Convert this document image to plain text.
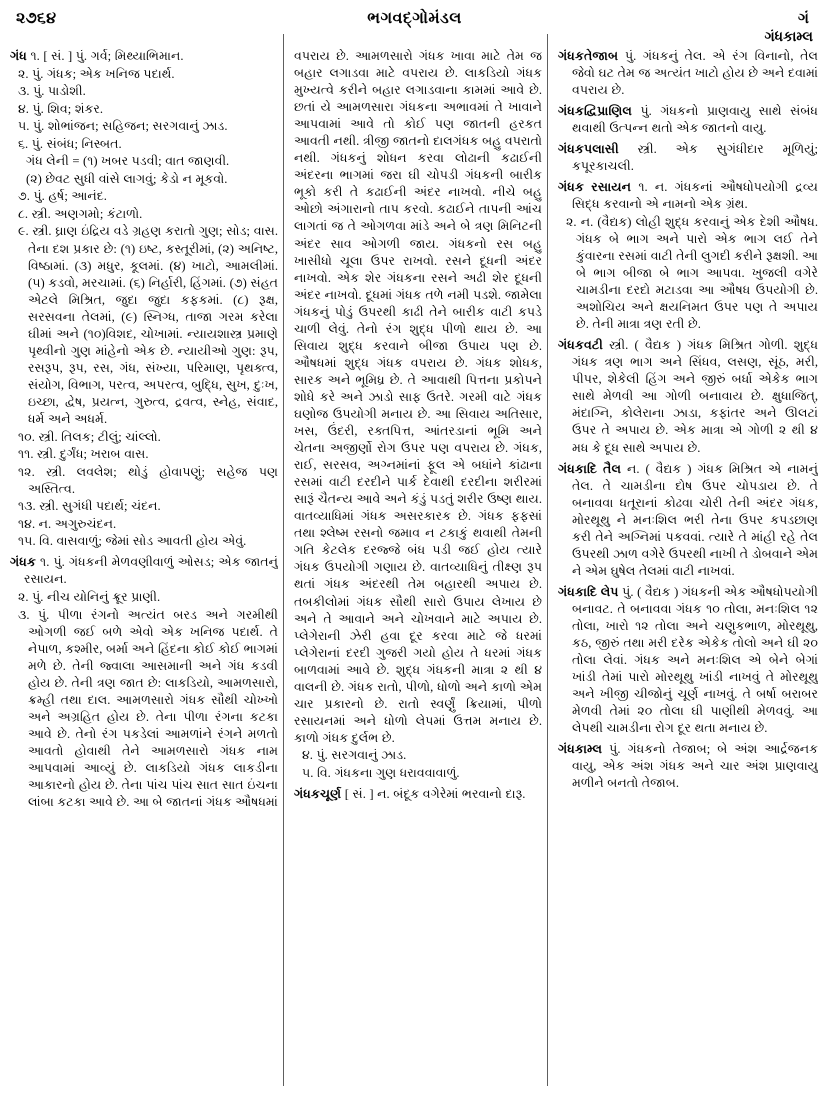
૨૭૬૪	ભગવદ્ગોમંડલ	ગં
ગંધકામ્લ

ગંધ ૧. [ સં. ] પું. ગર્વ; મિથ્યાભિમાન.

૨. પું. ગંધક; એક ખનિજ પદાર્થ.

૩. પું. પાડોશી.

૪. પું. શિવ; શંકર.

૫. પું. શોભાંજન; સહિજન; સરગવાનું ઝાડ.

૬. પું. સંબંધ; નિસ્બત.

ગંધ લેની = (૧) ખબર પડવી; વાત જાણવી.

(૨) છેવટ સુધી વાંસે લાગવું; કેડો ન મૂકવો.

૭. પું. હર્ષ; આનંદ.

૮. સ્ત્રી. અણગમો; કંટાળો.

૯. સ્ત્રી. ઘ્રાણ ઇંદ્રિય વડે ગ્રહણ કરાતો ગુણ; સોડ; વાસ. તેના દશ પ્રકાર છે: (૧) ઇષ્ટ, કસ્તૂરીમાં, (૨) અનિષ્ટ, વિષ્ઠામાં. (૩) મધુર, કૂલમાં. (૪) ખાટો, આમલીમાં. (૫) કડવો, મરચામાં. (૬) નિર્હારી, હિંગમાં. (૭) સંહત એટલે મિશ્રિત, જુદા જુદા કફકમાં. (૮) રૂક્ષ, સરસવના તેલમાં, (૯) સ્નિગ્ધ, તાજા ગરમ કરેલા ઘીમાં અને (૧૦)વિશદ, ચોખામાં. ન્યાયશાસ્ત્ર પ્રમાણે પૃથ્વીનો ગુણ માંહેનો એક છે. ન્યાયીઓ ગુણ: રૂપ, રસરૂપ, રૂપ, રસ, ગંધ, સંખ્યા, પરિમાણ, પૃથક્ત્વ, સંયોગ, વિભાગ, પરત્વ, અપરત્વ, બુદ્ધિ, સુખ, દુઃખ, ઇચ્છા, દ્વેષ, પ્રયત્ન, ગુરુત્વ, દ્રવત્વ, સ્નેહ, સંવાદ, ધર્મ અને અધર્મ.

૧૦. સ્ત્રી. તિલક; ટીલું; ચાંલ્લો.

૧૧. સ્ત્રી. દુર્ગંધ; ખરાબ વાસ.

૧૨. સ્ત્રી. લવલેશ; થોડું હોવાપણું; સહેજ પણ અસ્તિત્વ.

૧૩. સ્ત્રી. સુગંધી પદાર્થ; ચંદન.

૧૪. ન. અગુરુચંદન.

૧૫. વિ. વાસવાળું; જેમાં સોડ આવતી હોય એવું.

ગંધક ૧. પું. ગંધકની મેળવણીવાળું ઓસડ; એક જાતનું રસાયન.

૨. પું. નીચ યોનિનું ક્રૂર પ્રાણી.

૩. પું. પીળા રંગનો અત્યંત બરડ અને ગરમીથી ઓગળી જઈ બળે એવો એક ખનિજ પદાર્થ. તે નેપાળ, કશ્મીર, બર્મા અને હિંદના કોઈ કોઈ ભાગમાં મળે છે. તેની જ્વાલા આસમાની અને ગંધ કડવી હોય છે. તેની ત્રણ જાત છે: લાકડિયો, આમળસારો, ક્રમ્હી તથા દાલ. આમળસારો ગંધક સૌથી ચોખ્ખો અને અગ્રહિત હોય છે. તેના પીળા રંગના કટકા આવે છે. તેનો રંગ પકડેલાં આમળાંને રંગને મળતો આવતો હોવાથી તેને આમળસારો ગંધક નામ આપવામાં આવ્યું છે. લાકડિયો ગંધક લાકડીના આકારનો હોય છે. તેના પાંચ પાંચ સાત સાત ઇંચના લાંબા કટકા આવે છે. આ બે જાતનાં ગંધક ઔષધમાં

વપરાય છે. આમળસારો ગંધક ખાવા માટે તેમ જ બહાર લગાડવા માટે વપરાય છે. લાકડિયો ગંધક મુખ્યત્વે કરીને બહાર લગાડવાના કામમાં આવે છે. છતાં યે આમળસારા ગંધકના અભાવમાં તે ખાવાને આપવામાં આવે તો કોઈ પણ જાતની હરકત આવતી નથી. ત્રીજી જાતનો દાલગંધક બહુ વપરાતો નથી. ગંધકનું શોધન કરવા લોઢાની કઢાઈની અંદરના ભાગમાં જરા ઘી ચોપડી ગંધકની બારીક ભૂકો કરી તે કઢાઈની અંદર નાખવો. નીચે બહુ ઓછો અંગારાનો તાપ કરવો. કઢાઈને તાપની આંચ લાગતાં જ તે ઓગળવા માંડે અને બે ત્રણ મિનિટની અંદર સાવ ઓગળી જાય. ગંધકનો રસ બહુ ખાસીધો ચૂલા ઉપર રાખવો. રસને દૂધની અંદર નાખવો. એક શેર ગંધકના રસને અઢી શેર દૂધની અંદર નાખવો. દૂધમાં ગંધક તળે નમી પડશે. જામેલા ગંધકનું પોડું ઉપરથી કાઢી તેને બારીક વાટી કપડે ચાળી લેવું. તેનો રંગ શુદ્ધ પીળો થાય છે. આ સિવાય શુદ્ધ કરવાને બીજા ઉપાય પણ છે. ઔષધમાં શુદ્ધ ગંધક વપરાય છે. ગંધક શોધક, સારક અને ભૂમિધ્ર છે. તે આવાથી પિત્તના પ્રકોપને શોધે કરે અને ઝાડો સાફ ઉતરે. ગરમી વાટે ગંધક ઘણોજ ઉપયોગી મનાય છે. આ સિવાય અતિસાર, ખસ, ઉંદરી, રક્તપિત્ત, આંતરડાનાં ભૂમિ અને ચેતના અજીર્ણો રોગ ઉપર પણ વપરાય છે. ગંધક, રાઈ, સરસવ, અગ્નમાંનાં ફૂલ એ બધાંને કાંઢાના રસમાં વાટી દરદીને પાર્ક દેવાથી દરદીના શરીરમાં સારૂં ચૈતન્ય આવે અને કંડું પડતું શરીર ઉષ્ણ થાય. વાતવ્યાધિમાં ગંધક અસરકારક છે. ગંધક ફફસાં તથા શ્લેષ્મ રસનો જમાવ ન ટકાકું થવાથી તેમની ગતિ કેટલેક દરજ્જે બંધ પડી જઈ હોય ત્યારે ગંધક ઉપયોગી ગણાય છે. વાતવ્યાધિનું તીક્ષ્ણ રૂપ થતાં ગંધક અંદરથી તેમ બહારથી અપાય છે. તબકીલોમાં ગંધક સૌથી સારો ઉપાય લેખાય છે અને તે આવાને અને ચોખવાને માટે અપાય છે. પ્લેગેરાની ઝેરી હવા દૂર કરવા માટે જે ધરમાં પ્લેગેરાનાં દરદી ગુજરી ગયો હોય તે ધરમાં ગંધક બાળવામાં આવે છે. શુદ્ધ ગંધકની માત્રા ૨ થી ૪ વાલની છે. ગંધક રાતો, પીળો, ધોળો અને કાળો એમ ચાર પ્રકારનો છે. રાતો સ્વર્ણું ક્રિયામાં, પીળો રસાયનમાં અને ધોળો લેપમાં ઉત્તમ મનાય છે. કાળો ગંધક દુર્લભ છે.

૪. પું. સરગવાનું ઝાડ.

૫. વિ. ગંધકના ગુણ ધરાવવાવાળું.

ગંધકચૂર્ણ [ સં. ] ન. બંદૂક વગેરેમાં ભરવાનો દારૂ.

ગંધકતેજાબ પું. ગંધકનું તેલ. એ રંગ વિનાનો, તેલ જેવો ઘટ તેમ જ અત્યંત ખાટો હોય છે અને દવામાં વપરાય છે.

ગંધકદ્વિપ્રાણિલ પું. ગંધકનો પ્રાણવાયુ સાથે સંબંધ થવાથી ઉત્પન્ન થતો એક જાતનો વાયુ.

ગંધકપલાસી સ્ત્રી. એક સુગંધીદાર મૂળિયું; કપૂરકાચલી.

ગંધક રસાયન ૧. ન. ગંધકનાં ઔષધોપયોગી દ્રવ્ય સિદ્ધ કરવાનો એ નામનો એક ગ્રંથ.

૨. ન. (વૈદ્યક) લોહી શુદ્ધ કરવાનું એક દેશી ઔષધ. ગંધક બે ભાગ અને પારો એક ભાગ લઈ તેને કુંવારના રસમાં વાટી તેની લુગદી કરીને રૂક્ષશી. આ બે ભાગ બીજા બે ભાગ આપવા. ખુજલી વગેરે ચામડીના દરદો મટાડવા આ ઔષધ ઉપયોગી છે. અશોચિય અને ક્ષયનિમત ઉપર પણ તે અપાય છે. તેની માત્રા ત્રણ રતી છે.

ગંધકવટી સ્ત્રી. ( વૈદ્યક ) ગંધક મિશ્રિત ગોળી. શુદ્ધ ગંધક ત્રણ ભાગ અને સિંધવ, લસણ, સૂંઠ, મરી, પીપર, શેકેલી હિંગ અને જીરું બર્ધા એકેક ભાગ સાથે મેળવી આ ગોળી બનાવાય છે. ક્ષુધાજિત્, મંદાગ્નિ, કોલેરાના ઝાડા, કફાંતર અને ઊલટાં ઉપર તે અપાય છે. એક માત્રા એ ગોળી ૨ થી ૪ મધ કે દૂધ સાથે અપાય છે.

ગંધકાદિ તૈલ ન. ( વૈદ્યક ) ગંધક મિશ્રિત એ નામનું તેલ. તે ચામડીના દોષ ઉપર ચોપડાય છે. તે બનાવવા ધતૂરાનાં કોઢવા ચોરી તેની અંદર ગંધક, મોરથૂથુ ને મનઃશિલ ભરી તેના ઉપર કપડછાણ કરી તેને અગ્નિમાં પકવવાં. ત્યારે તે માંહી રહે તેલ ઉપરથી ઝાળ વગેરે ઉપરથી નાખી તે ડોબવાને એમ ને એમ ઘુષેલ તેલમાં વાટી નાખવાં.

ગંધકાદિ લેપ પું. ( વૈદ્યક ) ગંધકની એક ઔષધોપયોગી બનાવટ. તે બનાવવા ગંધક ૧૦ તોલા, મનઃશિલ ૧૨ તોલા, ખારો ૧૨ તોલા અને ચણુકભાળ, મોરથૂથુ, કઠ, જીરું તથા મરી દરેક એકેક તોલો અને ઘી ૨૦ તોલા લેવાં. ગંધક અને મનઃશિલ એ બેને બેગાં ખાંડી તેમાં પારો મોરથૂથુ ખાંડી નાખવું તે મોરથૂથુ અને ખીજી ચીજોનું ચૂર્ણ નાખવું. તે બર્ષા બરાબર મેળવી તેમાં ૨૦ તોલા ઘી પાણીથી મેળવવું. આ લેપથી ચામડીના રોગ દૂર થતા મનાય છે.

ગંધકામ્લ પું. ગંધકનો તેજાબ; બે અંશ આર્દ્રજનક વાયુ, એક અંશ ગંધક અને ચાર અંશ પ્રાણવાયુ મળીને બનતો તેજાબ.
